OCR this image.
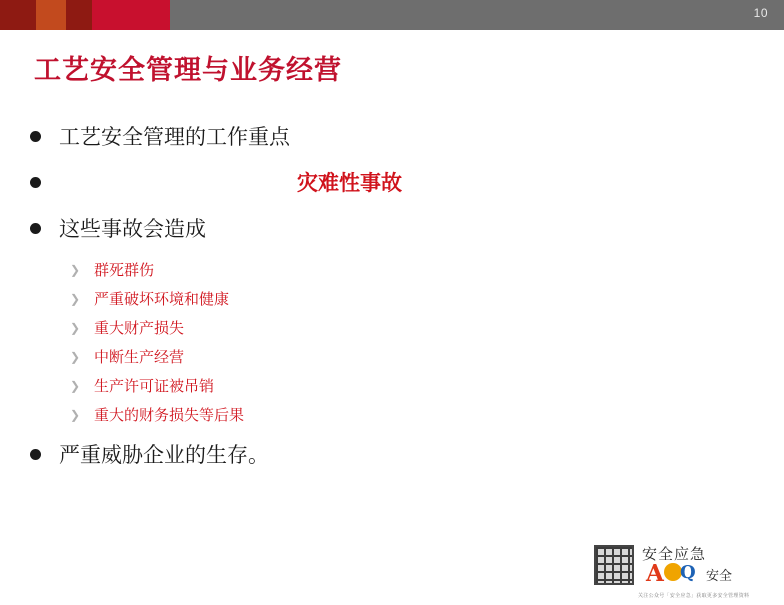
10
工艺安全管理与业务经营
工艺安全管理的工作重点
灾难性事故
这些事故会造成
❯ 群死群伤
❯ 严重破坏环境和健康
❯ 重大财产损失
❯ 中断生产经营
❯ 生产许可证被吊销
❯ 重大的财务损失等后果
严重威胁企业的生存。
安全应急
A Q 安全
关注公众号「安全应急」获取更多安全管理资料
